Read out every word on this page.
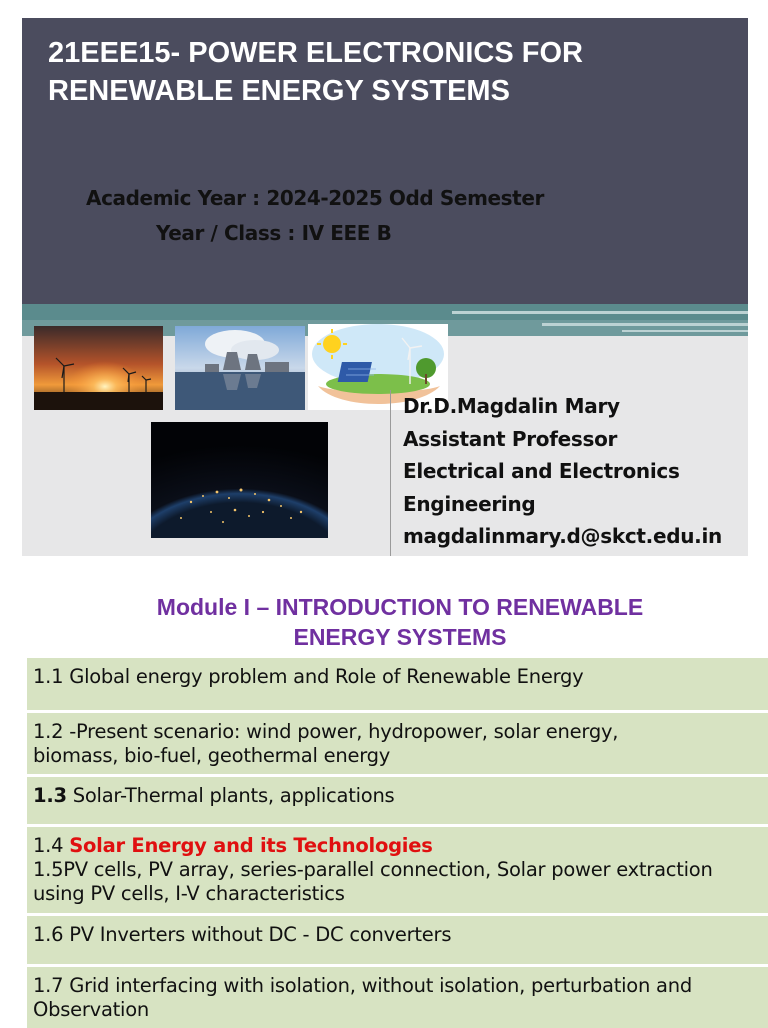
21EEE15- POWER ELECTRONICS FOR
RENEWABLE ENERGY SYSTEMS
Academic Year : 2024-2025 Odd Semester
Year / Class : IV EEE B
Dr.D.Magdalin Mary
Assistant Professor
Electrical and Electronics
Engineering
magdalinmary.d@skct.edu.in
Module I – INTRODUCTION TO RENEWABLE
ENERGY SYSTEMS
1.1 Global energy problem and Role of Renewable Energy
1.2 -Present scenario: wind power, hydropower, solar energy,
biomass, bio-fuel, geothermal energy
1.3 Solar-Thermal plants, applications
1.4 Solar Energy and its Technologies
1.5PV cells, PV array, series-parallel connection, Solar power extraction
using PV cells, I-V characteristics
1.6 PV Inverters without DC - DC converters
1.7 Grid interfacing with isolation, without isolation, perturbation and
Observation
